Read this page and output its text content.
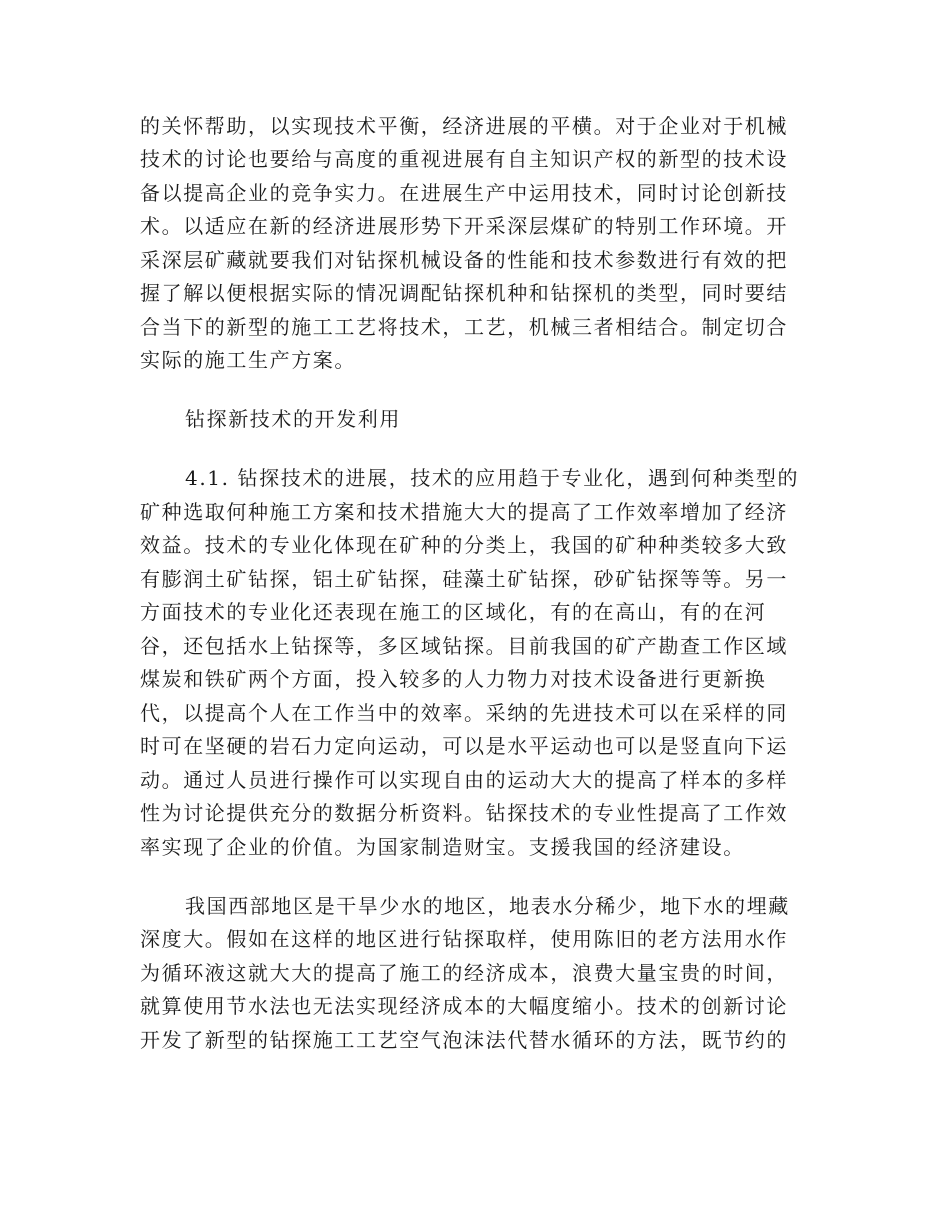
的关怀帮助，以实现技术平衡，经济进展的平横。对于企业对于机械
技术的讨论也要给与高度的重视进展有自主知识产权的新型的技术设
备以提高企业的竞争实力。在进展生产中运用技术，同时讨论创新技
术。以适应在新的经济进展形势下开采深层煤矿的特别工作环境。开
采深层矿藏就要我们对钻探机械设备的性能和技术参数进行有效的把
握了解以便根据实际的情况调配钻探机种和钻探机的类型，同时要结
合当下的新型的施工工艺将技术，工艺，机械三者相结合。制定切合
实际的施工生产方案。
钻探新技术的开发利用
4.1. 钻探技术的进展，技术的应用趋于专业化，遇到何种类型的
矿种选取何种施工方案和技术措施大大的提高了工作效率增加了经济
效益。技术的专业化体现在矿种的分类上，我国的矿种种类较多大致
有膨润土矿钻探，铝土矿钻探，硅藻土矿钻探，砂矿钻探等等。另一
方面技术的专业化还表现在施工的区域化，有的在高山，有的在河
谷，还包括水上钻探等，多区域钻探。目前我国的矿产勘查工作区域
煤炭和铁矿两个方面，投入较多的人力物力对技术设备进行更新换
代，以提高个人在工作当中的效率。采纳的先进技术可以在采样的同
时可在坚硬的岩石力定向运动，可以是水平运动也可以是竖直向下运
动。通过人员进行操作可以实现自由的运动大大的提高了样本的多样
性为讨论提供充分的数据分析资料。钻探技术的专业性提高了工作效
率实现了企业的价值。为国家制造财宝。支援我国的经济建设。
我国西部地区是干旱少水的地区，地表水分稀少，地下水的埋藏
深度大。假如在这样的地区进行钻探取样，使用陈旧的老方法用水作
为循环液这就大大的提高了施工的经济成本，浪费大量宝贵的时间，
就算使用节水法也无法实现经济成本的大幅度缩小。技术的创新讨论
开发了新型的钻探施工工艺空气泡沫法代替水循环的方法，既节约的
